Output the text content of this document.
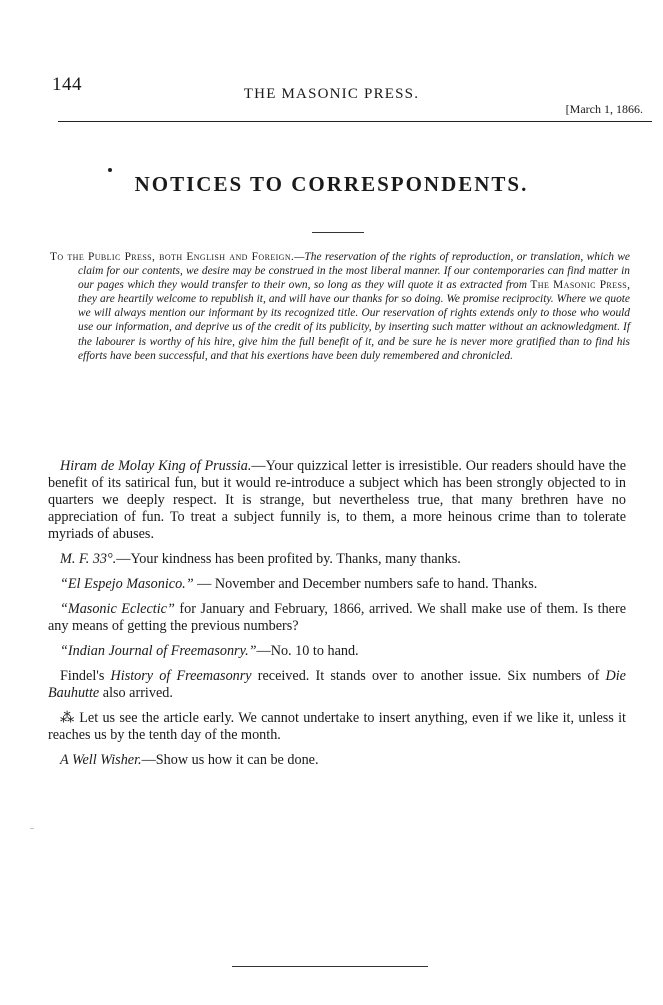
144	THE MASONIC PRESS.
[March 1, 1866.
NOTICES TO CORRESPONDENTS.

To the Public Press, both English and Foreign.—The reservation of the rights of reproduction, or translation, which we claim for our contents, we desire may be construed in the most liberal manner. If our contemporaries can find matter in our pages which they would transfer to their own, so long as they will quote it as extracted from The Masonic Press, they are heartily welcome to republish it, and will have our thanks for so doing. We promise reciprocity. Where we quote we will always mention our informant by its recognized title. Our reservation of rights extends only to those who would use our information, and deprive us of the credit of its publicity, by inserting such matter without an acknowledgment. If the labourer is worthy of his hire, give him the full benefit of it, and be sure he is never more gratified than to find his efforts have been successful, and that his exertions have been duly remembered and chronicled.

Hiram de Molay King of Prussia.—Your quizzical letter is irresistible. Our readers should have the benefit of its satirical fun, but it would re-introduce a subject which has been strongly objected to in quarters we deeply respect. It is strange, but nevertheless true, that many brethren have no appreciation of fun. To treat a subject funnily is, to them, a more heinous crime than to tolerate myriads of abuses.

M. F. 33°.—Your kindness has been profited by. Thanks, many thanks.

“El Espejo Masonico.” — November and December numbers safe to hand. Thanks.

“Masonic Eclectic” for January and February, 1866, arrived. We shall make use of them. Is there any means of getting the previous numbers?

“Indian Journal of Freemasonry.”—No. 10 to hand.

Findel's History of Freemasonry received. It stands over to another issue. Six numbers of Die Bauhutte also arrived.

⁂ Let us see the article early. We cannot undertake to insert anything, even if we like it, unless it reaches us by the tenth day of the month.

A Well Wisher.—Show us how it can be done.

..
